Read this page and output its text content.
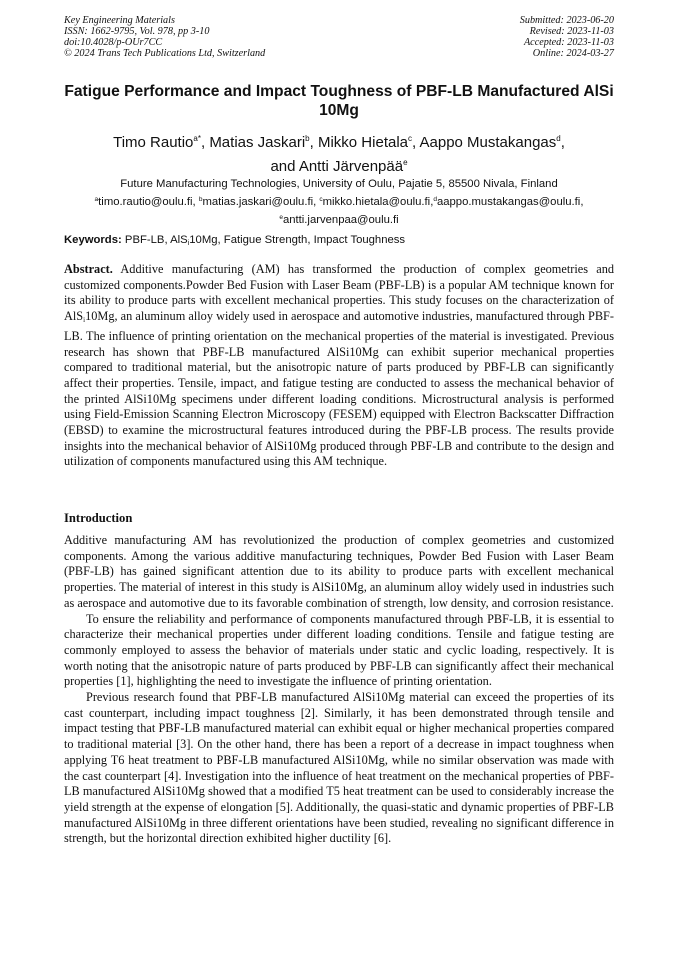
Key Engineering Materials
ISSN: 1662-9795, Vol. 978, pp 3-10
doi:10.4028/p-OUr7CC
© 2024 Trans Tech Publications Ltd, Switzerland
Submitted: 2023-06-20
Revised: 2023-11-03
Accepted: 2023-11-03
Online: 2024-03-27
Fatigue Performance and Impact Toughness of PBF-LB Manufactured AlSi 10Mg
Timo Rautio$^{a*}$, Matias Jaskari$^b$, Mikko Hietala$^c$, Aappo Mustakangas$^d$,
and Antti Järvenpää$^e$
Future Manufacturing Technologies, University of Oulu, Pajatie 5, 85500 Nivala, Finland
$^a$timo.rautio@oulu.fi, $^b$matias.jaskari@oulu.fi, $^c$mikko.hietala@oulu.fi,$^d$aappo.mustakangas@oulu.fi,
$^e$antti.jarvenpaa@oulu.fi
Keywords: PBF-LB, AlS$_i$10Mg, Fatigue Strength, Impact Toughness
Abstract. Additive manufacturing (AM) has transformed the production of complex geometries and customized components.Powder Bed Fusion with Laser Beam (PBF-LB) is a popular AM technique known for its ability to produce parts with excellent mechanical properties. This study focuses on the characterization of AlS$_i$10Mg, an aluminum alloy widely used in aerospace and automotive industries, manufactured through PBF-LB. The influence of printing orientation on the mechanical properties of the material is investigated. Previous research has shown that PBF-LB manufactured AlSi10Mg can exhibit superior mechanical properties compared to traditional material, but the anisotropic nature of parts produced by PBF-LB can significantly affect their properties. Tensile, impact, and fatigue testing are conducted to assess the mechanical behavior of the printed AlSi10Mg specimens under different loading conditions. Microstructural analysis is performed using Field-Emission Scanning Electron Microscopy (FESEM) equipped with Electron Backscatter Diffraction (EBSD) to examine the microstructural features introduced during the PBF-LB process. The results provide insights into the mechanical behavior of AlSi10Mg produced through PBF-LB and contribute to the design and utilization of components manufactured using this AM technique.
Introduction

Additive manufacturing AM has revolutionized the production of complex geometries and customized components. Among the various additive manufacturing techniques, Powder Bed Fusion with Laser Beam (PBF-LB) has gained significant attention due to its ability to produce parts with excellent mechanical properties. The material of interest in this study is AlSi10Mg, an aluminum alloy widely used in industries such as aerospace and automotive due to its favorable combination of strength, low density, and corrosion resistance.

To ensure the reliability and performance of components manufactured through PBF-LB, it is essential to characterize their mechanical properties under different loading conditions. Tensile and fatigue testing are commonly employed to assess the behavior of materials under static and cyclic loading, respectively. It is worth noting that the anisotropic nature of parts produced by PBF-LB can significantly affect their mechanical properties [1], highlighting the need to investigate the influence of printing orientation.

Previous research found that PBF-LB manufactured AlSi10Mg material can exceed the properties of its cast counterpart, including impact toughness [2]. Similarly, it has been demonstrated through tensile and impact testing that PBF-LB manufactured material can exhibit equal or higher mechanical properties compared to traditional material [3]. On the other hand, there has been a report of a decrease in impact toughness when applying T6 heat treatment to PBF-LB manufactured AlSi10Mg, while no similar observation was made with the cast counterpart [4]. Investigation into the influence of heat treatment on the mechanical properties of PBF-LB manufactured AlSi10Mg showed that a modified T5 heat treatment can be used to considerably increase the yield strength at the expense of elongation [5]. Additionally, the quasi-static and dynamic properties of PBF-LB manufactured AlSi10Mg in three different orientations have been studied, revealing no significant difference in strength, but the horizontal direction exhibited higher ductility [6].
